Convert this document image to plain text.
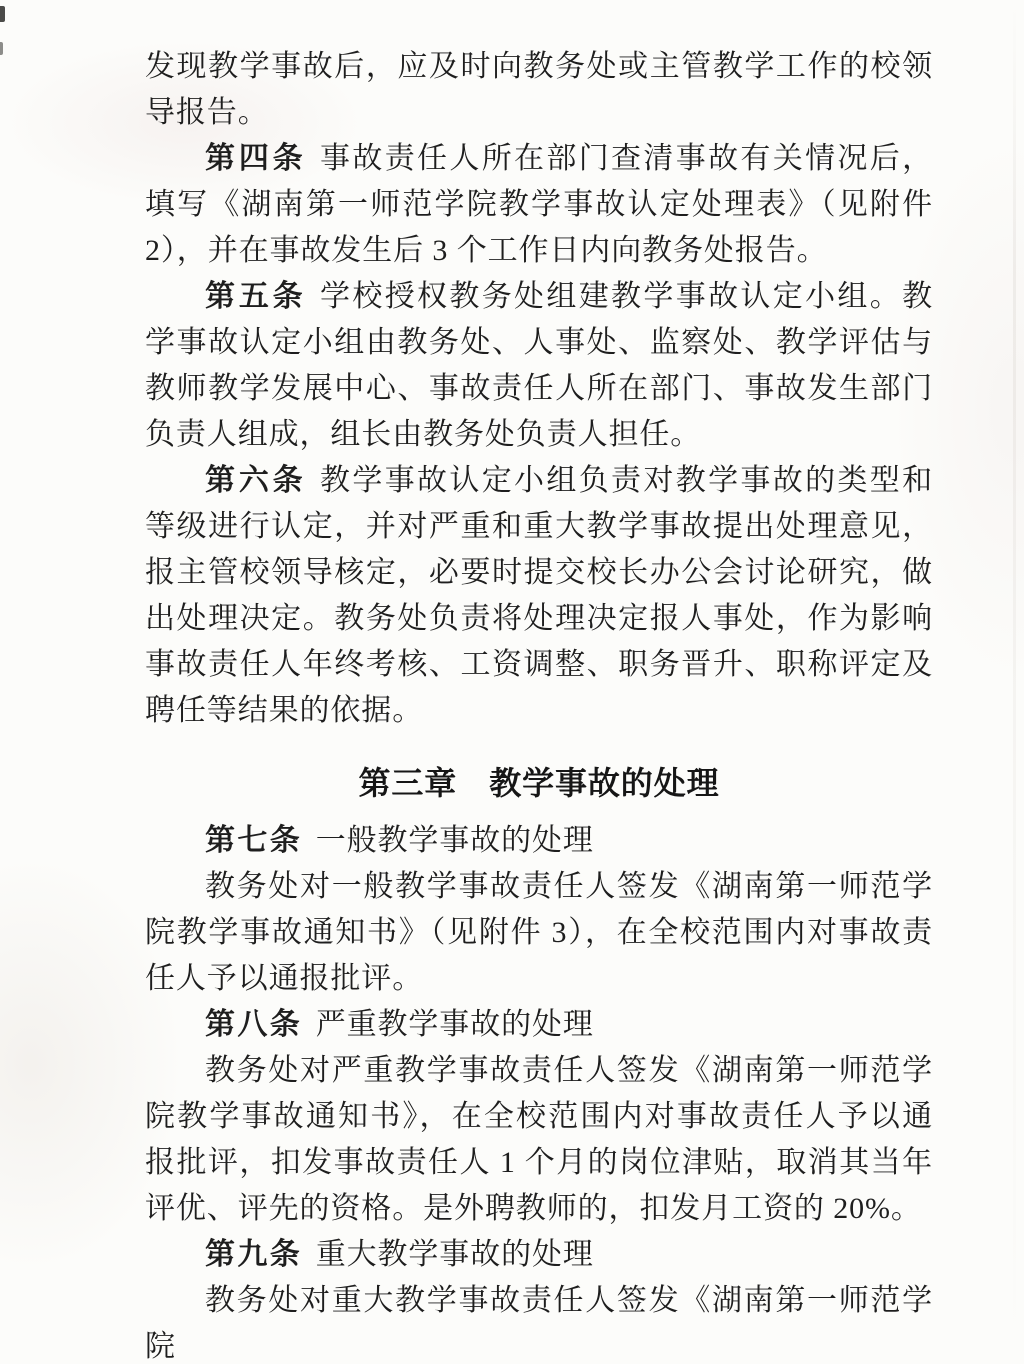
发现教学事故后，应及时向教务处或主管教学工作的校领导报告。

第四条 事故责任人所在部门查清事故有关情况后，填写《湖南第一师范学院教学事故认定处理表》（见附件 2），并在事故发生后 3 个工作日内向教务处报告。

第五条 学校授权教务处组建教学事故认定小组。教学事故认定小组由教务处、人事处、监察处、教学评估与教师教学发展中心、事故责任人所在部门、事故发生部门负责人组成，组长由教务处负责人担任。

第六条 教学事故认定小组负责对教学事故的类型和等级进行认定，并对严重和重大教学事故提出处理意见，报主管校领导核定，必要时提交校长办公会讨论研究，做出处理决定。教务处负责将处理决定报人事处，作为影响事故责任人年终考核、工资调整、职务晋升、职称评定及聘任等结果的依据。

第三章 教学事故的处理

第七条 一般教学事故的处理

教务处对一般教学事故责任人签发《湖南第一师范学院教学事故通知书》（见附件 3），在全校范围内对事故责任人予以通报批评。

第八条 严重教学事故的处理

教务处对严重教学事故责任人签发《湖南第一师范学院教学事故通知书》，在全校范围内对事故责任人予以通报批评，扣发事故责任人 1 个月的岗位津贴，取消其当年评优、评先的资格。是外聘教师的，扣发月工资的 20%。

第九条 重大教学事故的处理

教务处对重大教学事故责任人签发《湖南第一师范学院
